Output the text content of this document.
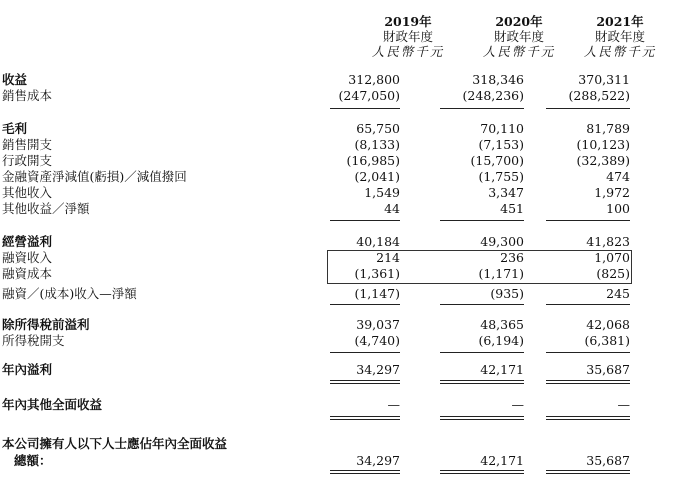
2019年
財政年度
人民幣千元
2020年
財政年度
人民幣千元
2021年
財政年度
人民幣千元
收益	312,800	318,346	370,311
銷售成本	(247,050)	(248,236)	(288,522)
毛利	65,750	70,110	81,789
銷售開支	(8,133)	(7,153)	(10,123)
行政開支	(16,985)	(15,700)	(32,389)
金融資產淨減值(虧損)／減值撥回	(2,041)	(1,755)	474
其他收入	1,549	3,347	1,972
其他收益／淨額	44	451	100
經營溢利	40,184	49,300	41,823
融資收入	214	236	1,070
融資成本	(1,361)	(1,171)	(825)
融資／(成本)收入—淨額	(1,147)	(935)	245
除所得稅前溢利	39,037	48,365	42,068
所得稅開支	(4,740)	(6,194)	(6,381)
年內溢利	34,297	42,171	35,687
年內其他全面收益	—	—	—
本公司擁有人以下人士應佔年內全面收益
總額：	34,297	42,171	35,687
